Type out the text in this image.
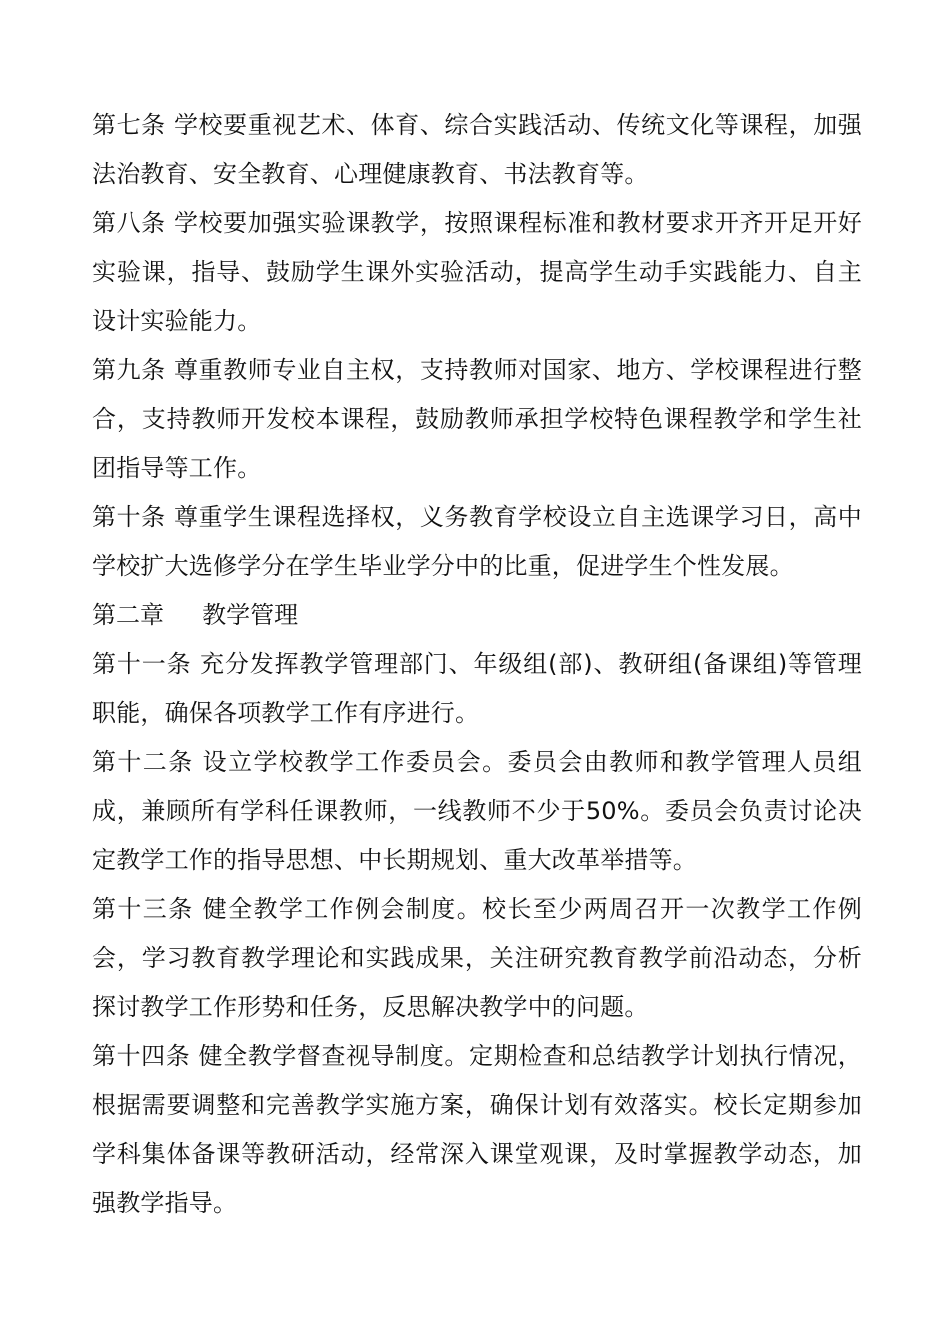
第七条 学校要重视艺术、体育、综合实践活动、传统文化等课程，加强法治教育、安全教育、心理健康教育、书法教育等。

第八条 学校要加强实验课教学，按照课程标准和教材要求开齐开足开好实验课，指导、鼓励学生课外实验活动，提高学生动手实践能力、自主设计实验能力。

第九条 尊重教师专业自主权，支持教师对国家、地方、学校课程进行整合，支持教师开发校本课程，鼓励教师承担学校特色课程教学和学生社团指导等工作。

第十条 尊重学生课程选择权，义务教育学校设立自主选课学习日，高中学校扩大选修学分在学生毕业学分中的比重，促进学生个性发展。

第二章     教学管理

第十一条 充分发挥教学管理部门、年级组(部)、教研组(备课组)等管理职能，确保各项教学工作有序进行。

第十二条 设立学校教学工作委员会。委员会由教师和教学管理人员组成，兼顾所有学科任课教师，一线教师不少于50%。委员会负责讨论决定教学工作的指导思想、中长期规划、重大改革举措等。

第十三条 健全教学工作例会制度。校长至少两周召开一次教学工作例会，学习教育教学理论和实践成果，关注研究教育教学前沿动态，分析探讨教学工作形势和任务，反思解决教学中的问题。

第十四条 健全教学督查视导制度。定期检查和总结教学计划执行情况，根据需要调整和完善教学实施方案，确保计划有效落实。校长定期参加学科集体备课等教研活动，经常深入课堂观课，及时掌握教学动态，加强教学指导。
